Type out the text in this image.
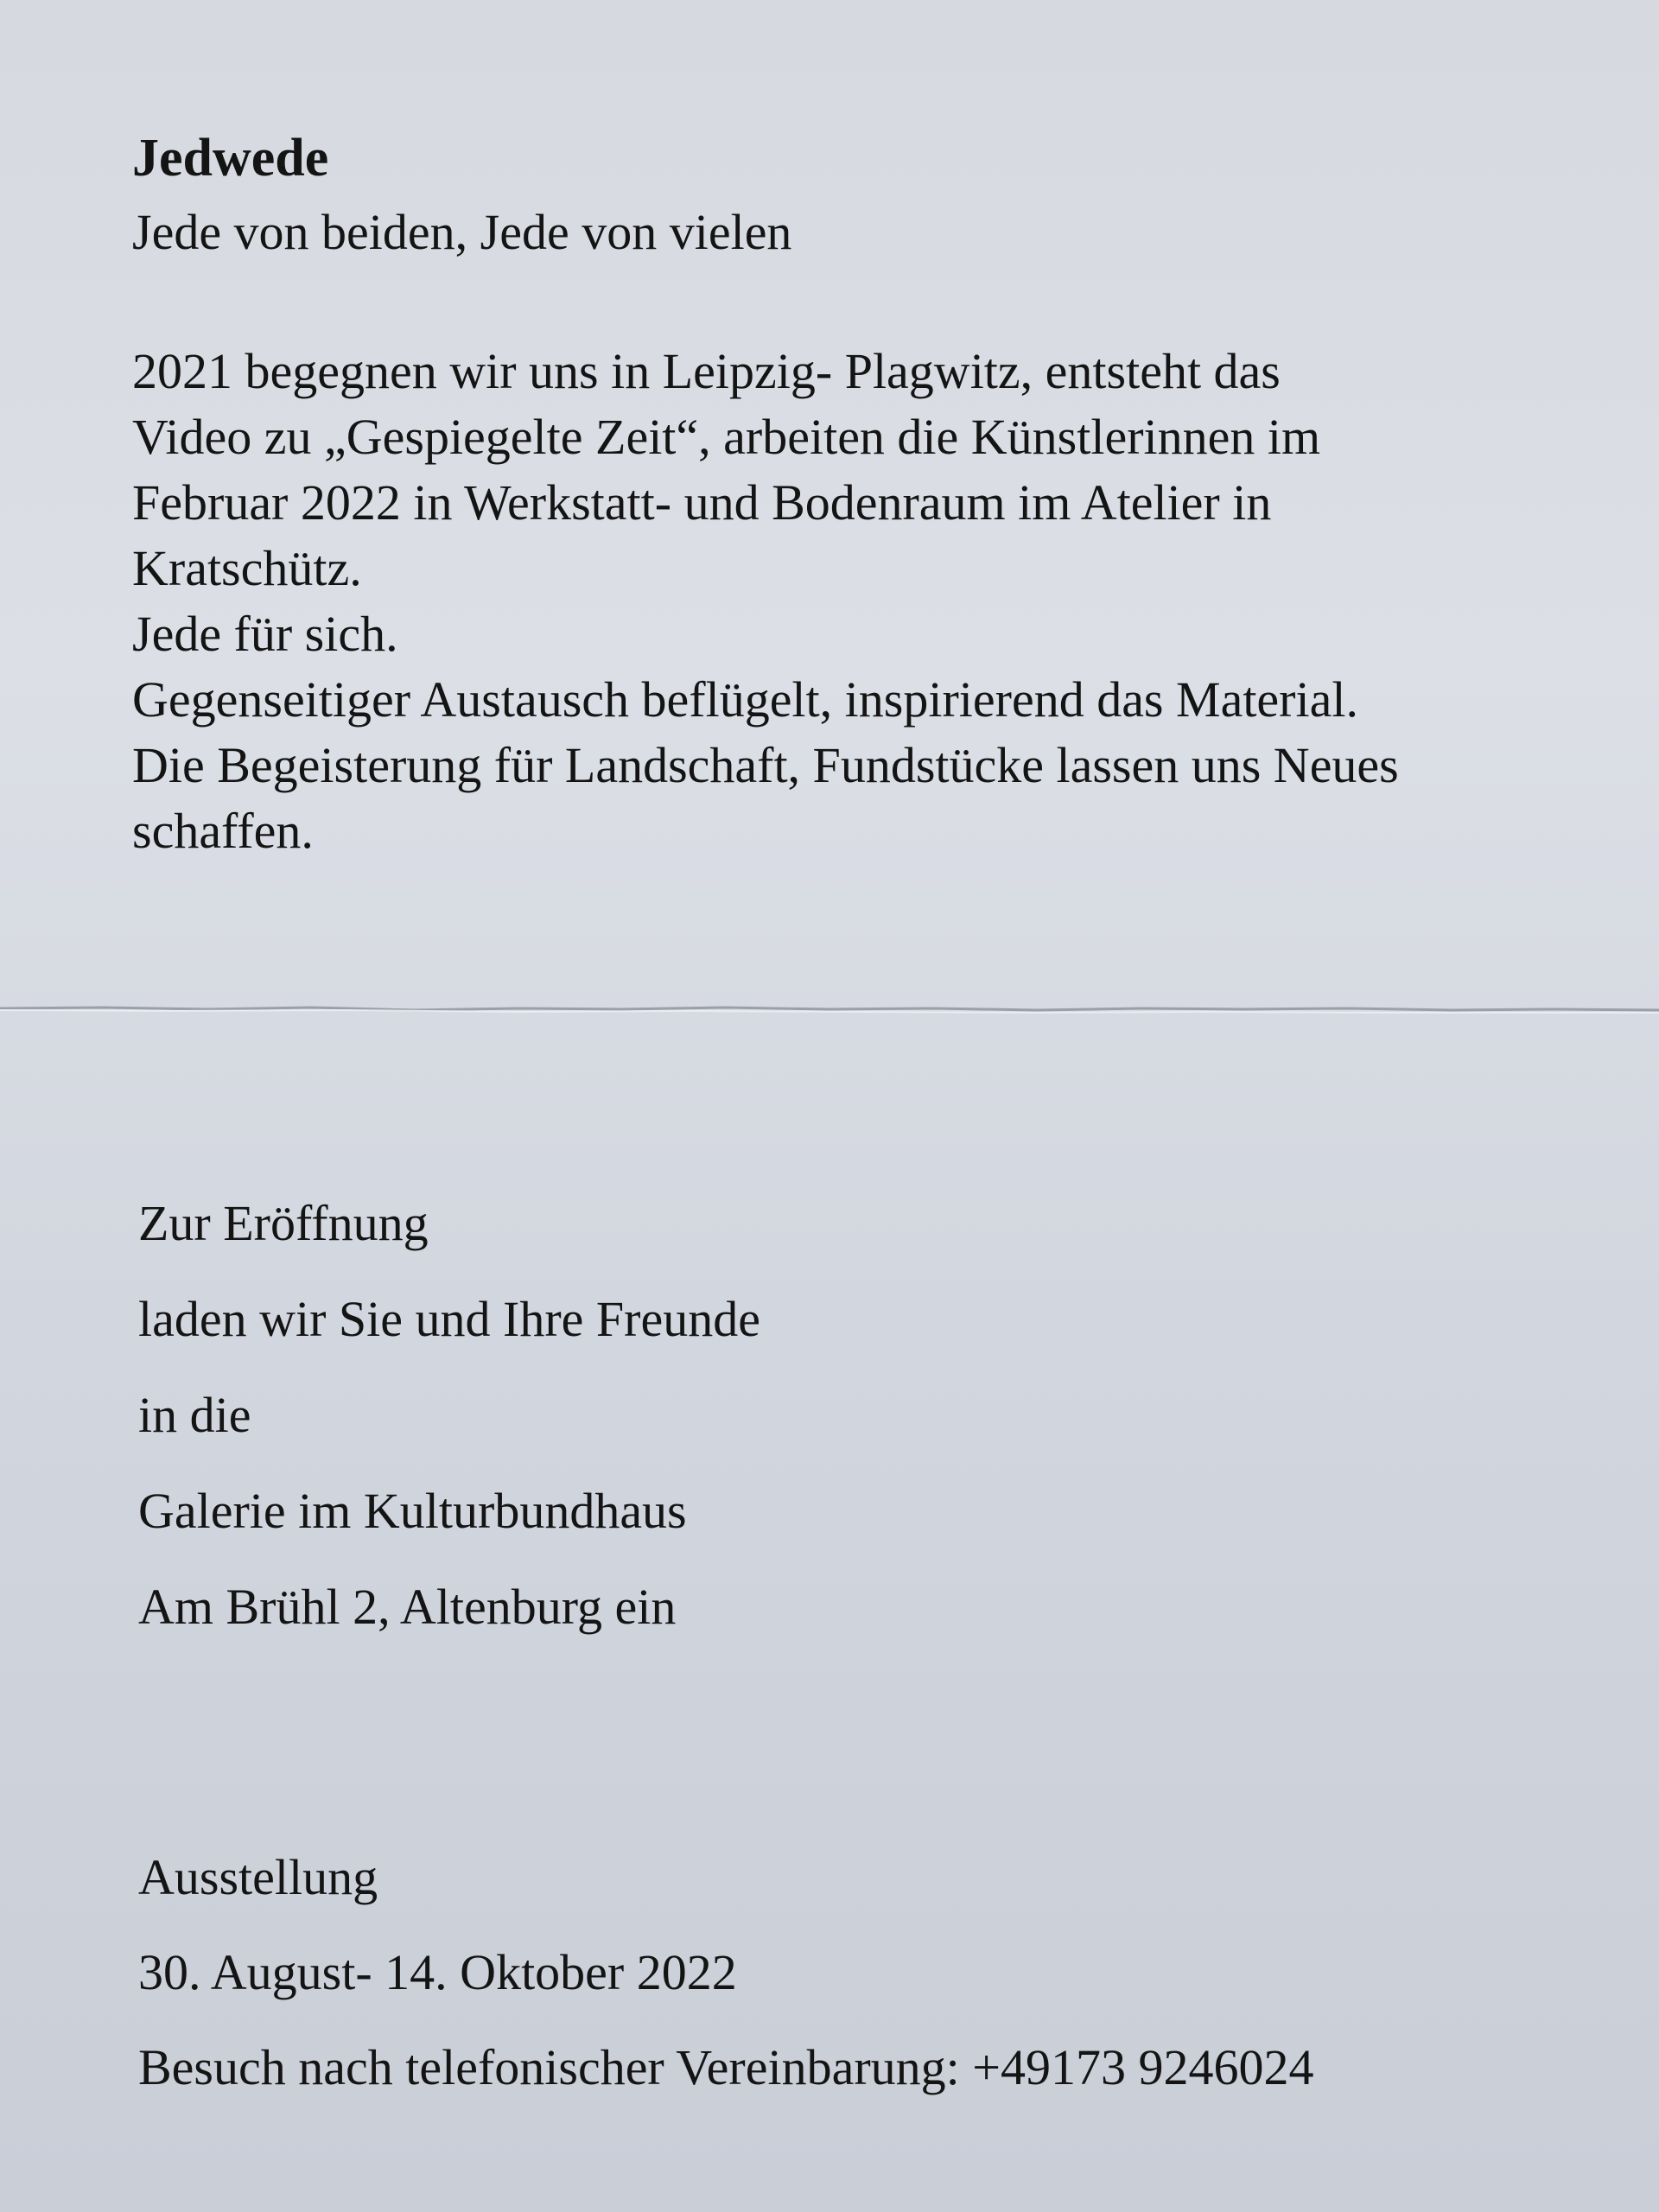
Jedwede
Jede von beiden, Jede von vielen

2021 begegnen wir uns in Leipzig- Plagwitz, entsteht das

Video zu „Gespiegelte Zeit“, arbeiten die Künstlerinnen im

Februar 2022 in Werkstatt- und Bodenraum im Atelier in

Kratschütz.

Jede für sich.

Gegenseitiger Austausch beflügelt, inspirierend das Material.

Die Begeisterung für Landschaft, Fundstücke lassen uns Neues

schaffen.

Zur Eröffnung

laden wir Sie und Ihre Freunde

in die

Galerie im Kulturbundhaus

Am Brühl 2, Altenburg ein

Ausstellung

30. August- 14. Oktober 2022

Besuch nach telefonischer Vereinbarung: +49173 9246024
